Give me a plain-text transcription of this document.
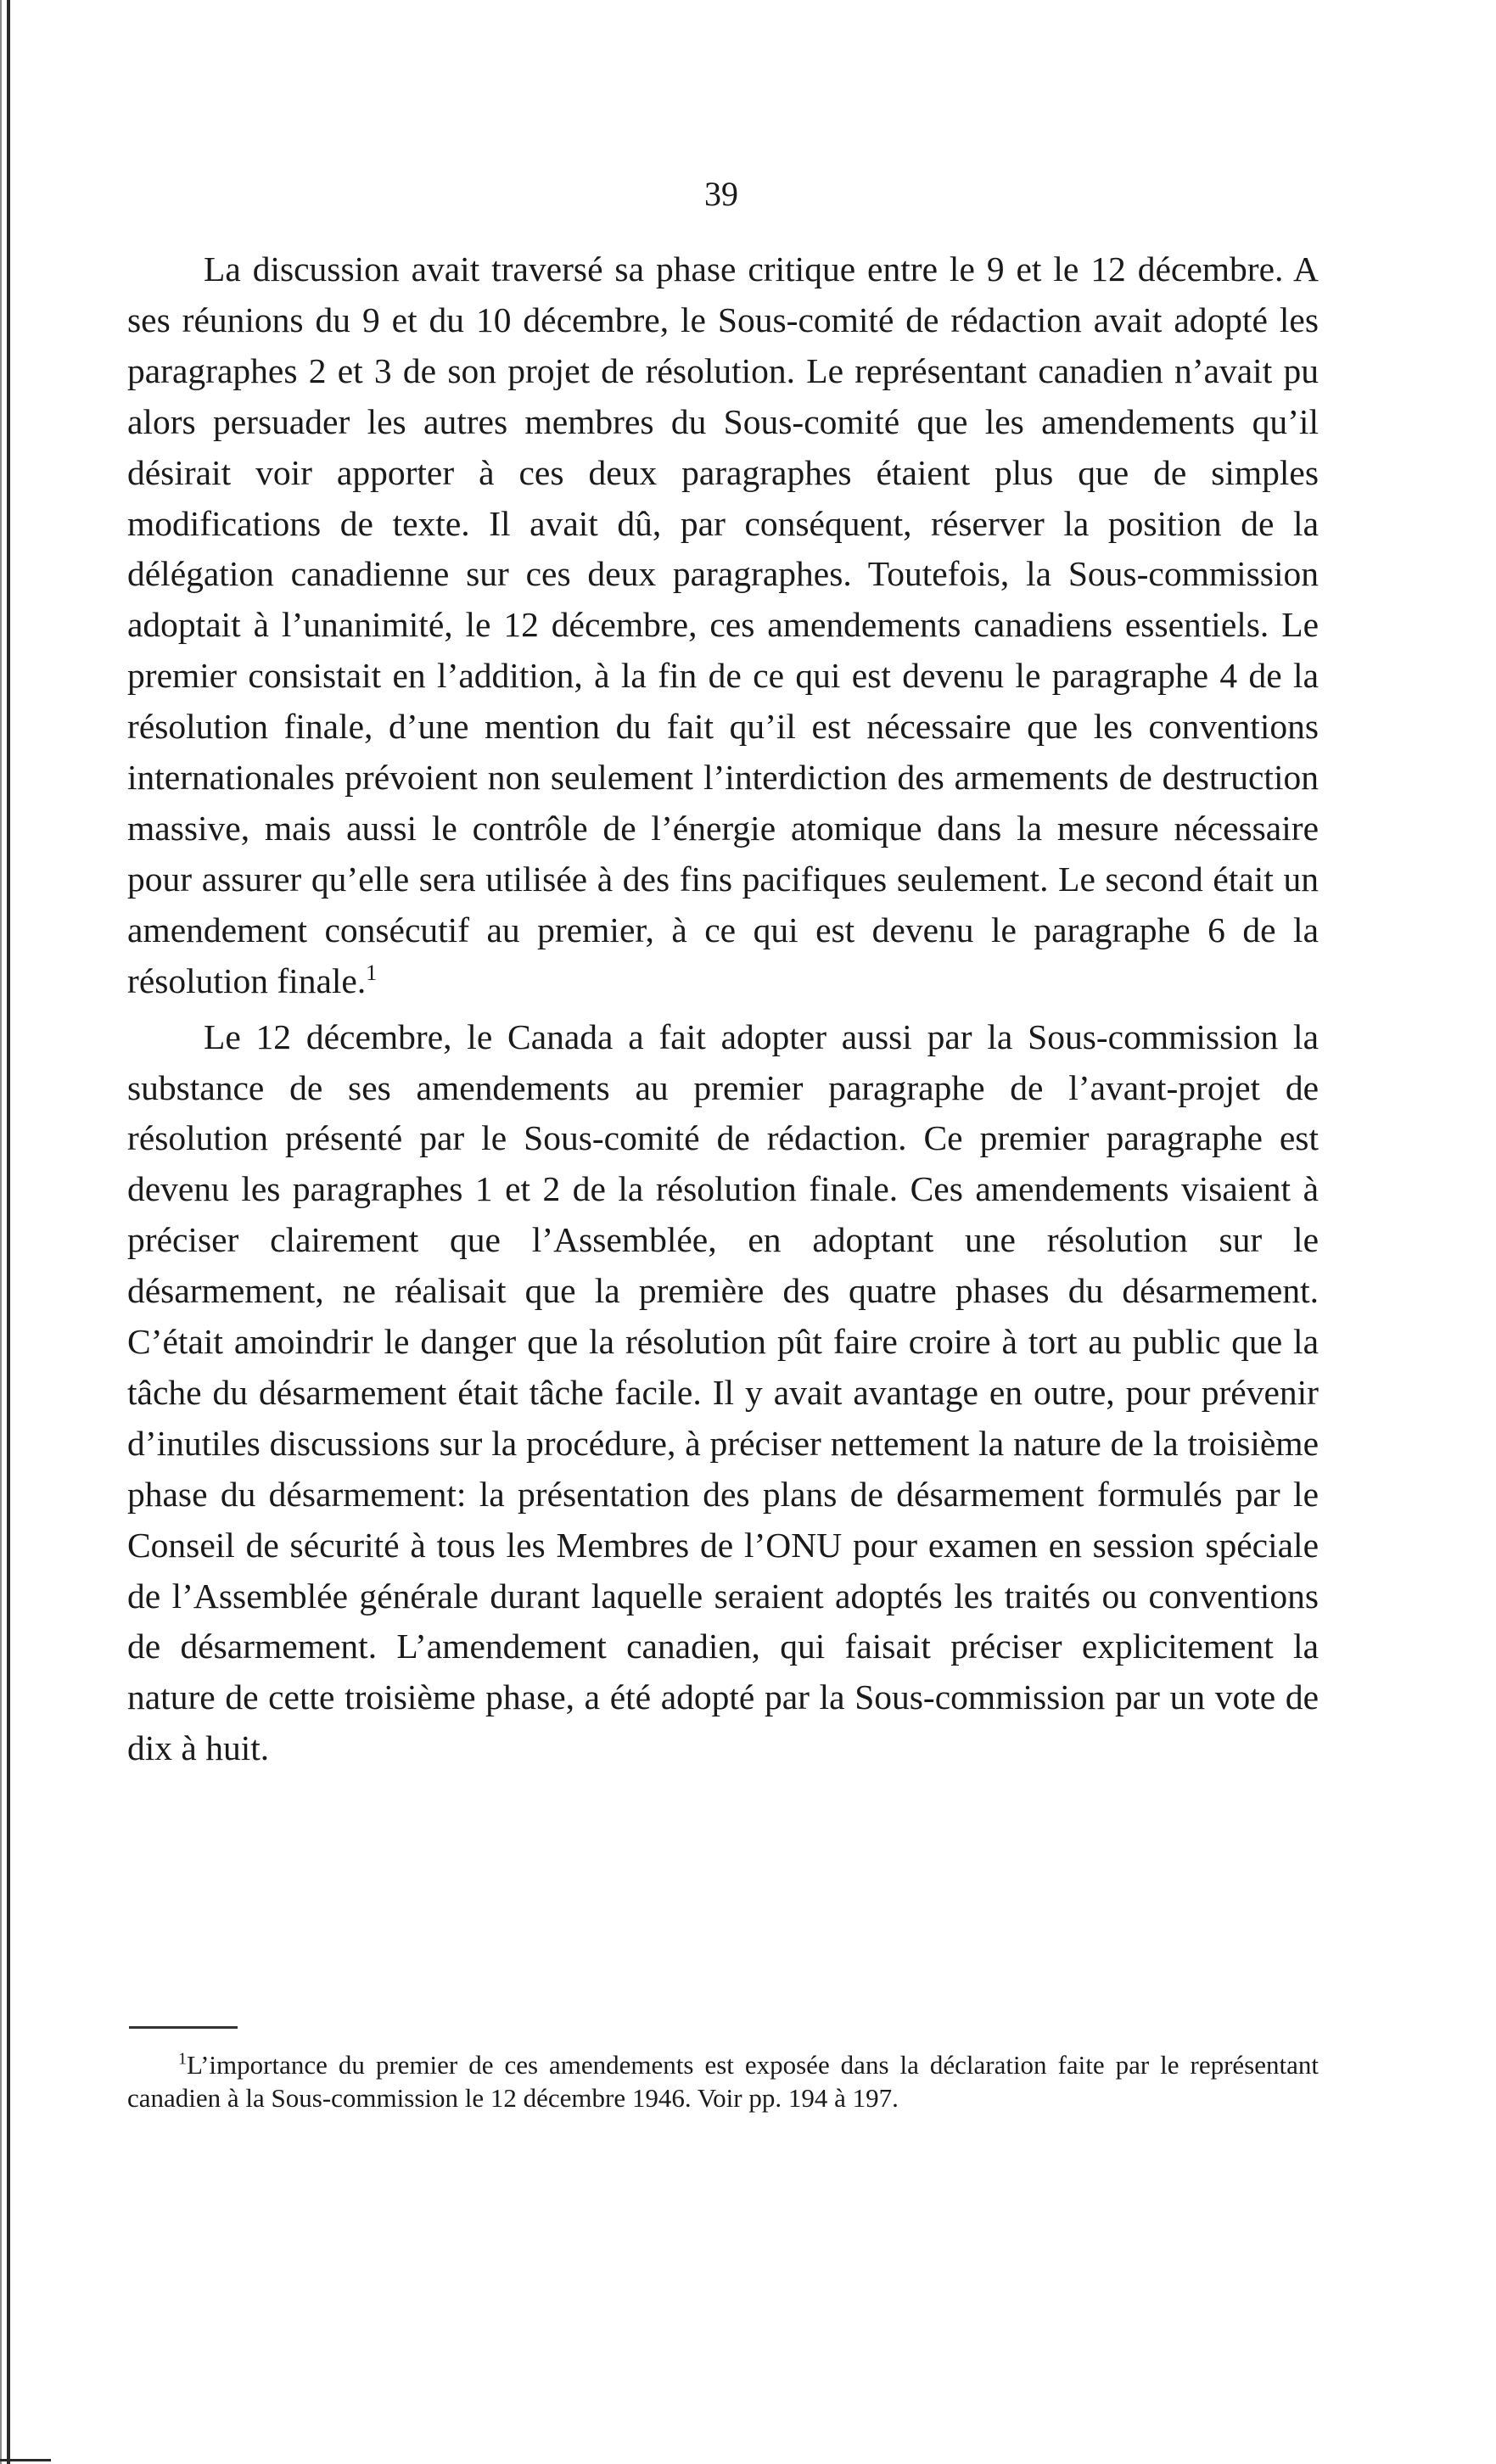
39

La discussion avait traversé sa phase critique entre le 9 et le 12 décembre. A ses réunions du 9 et du 10 décembre, le Sous-comité de rédaction avait adopté les paragraphes 2 et 3 de son projet de résolution. Le représentant canadien n’avait pu alors persuader les autres membres du Sous-comité que les amendements qu’il désirait voir apporter à ces deux paragraphes étaient plus que de simples modifications de texte. Il avait dû, par conséquent, réserver la position de la délégation canadienne sur ces deux paragraphes. Toutefois, la Sous-commission adoptait à l’unanimité, le 12 décembre, ces amendements canadiens essentiels. Le premier consistait en l’addition, à la fin de ce qui est devenu le paragraphe 4 de la résolution finale, d’une mention du fait qu’il est nécessaire que les conventions internationales prévoient non seulement l’interdiction des armements de destruction massive, mais aussi le contrôle de l’énergie atomique dans la mesure nécessaire pour assurer qu’elle sera utilisée à des fins pacifiques seulement. Le second était un amendement consécutif au premier, à ce qui est devenu le paragraphe 6 de la résolution finale.$^1$

Le 12 décembre, le Canada a fait adopter aussi par la Sous-commission la substance de ses amendements au premier paragraphe de l’avant-projet de résolution présenté par le Sous-comité de rédaction. Ce premier paragraphe est devenu les paragraphes 1 et 2 de la résolution finale. Ces amendements visaient à préciser clairement que l’Assemblée, en adoptant une résolution sur le désarmement, ne réalisait que la première des quatre phases du désarmement. C’était amoindrir le danger que la résolution pût faire croire à tort au public que la tâche du désarmement était tâche facile. Il y avait avantage en outre, pour prévenir d’inutiles discussions sur la procédure, à préciser nettement la nature de la troisième phase du désarmement: la présentation des plans de désarmement formulés par le Conseil de sécurité à tous les Membres de l’ONU pour examen en session spéciale de l’Assemblée générale durant laquelle seraient adoptés les traités ou conventions de désarmement. L’amendement canadien, qui faisait préciser explicitement la nature de cette troisième phase, a été adopté par la Sous-commission par un vote de dix à huit.

$^1$L’importance du premier de ces amendements est exposée dans la déclaration faite par le représentant canadien à la Sous-commission le 12 décembre 1946. Voir pp. 194 à 197.
